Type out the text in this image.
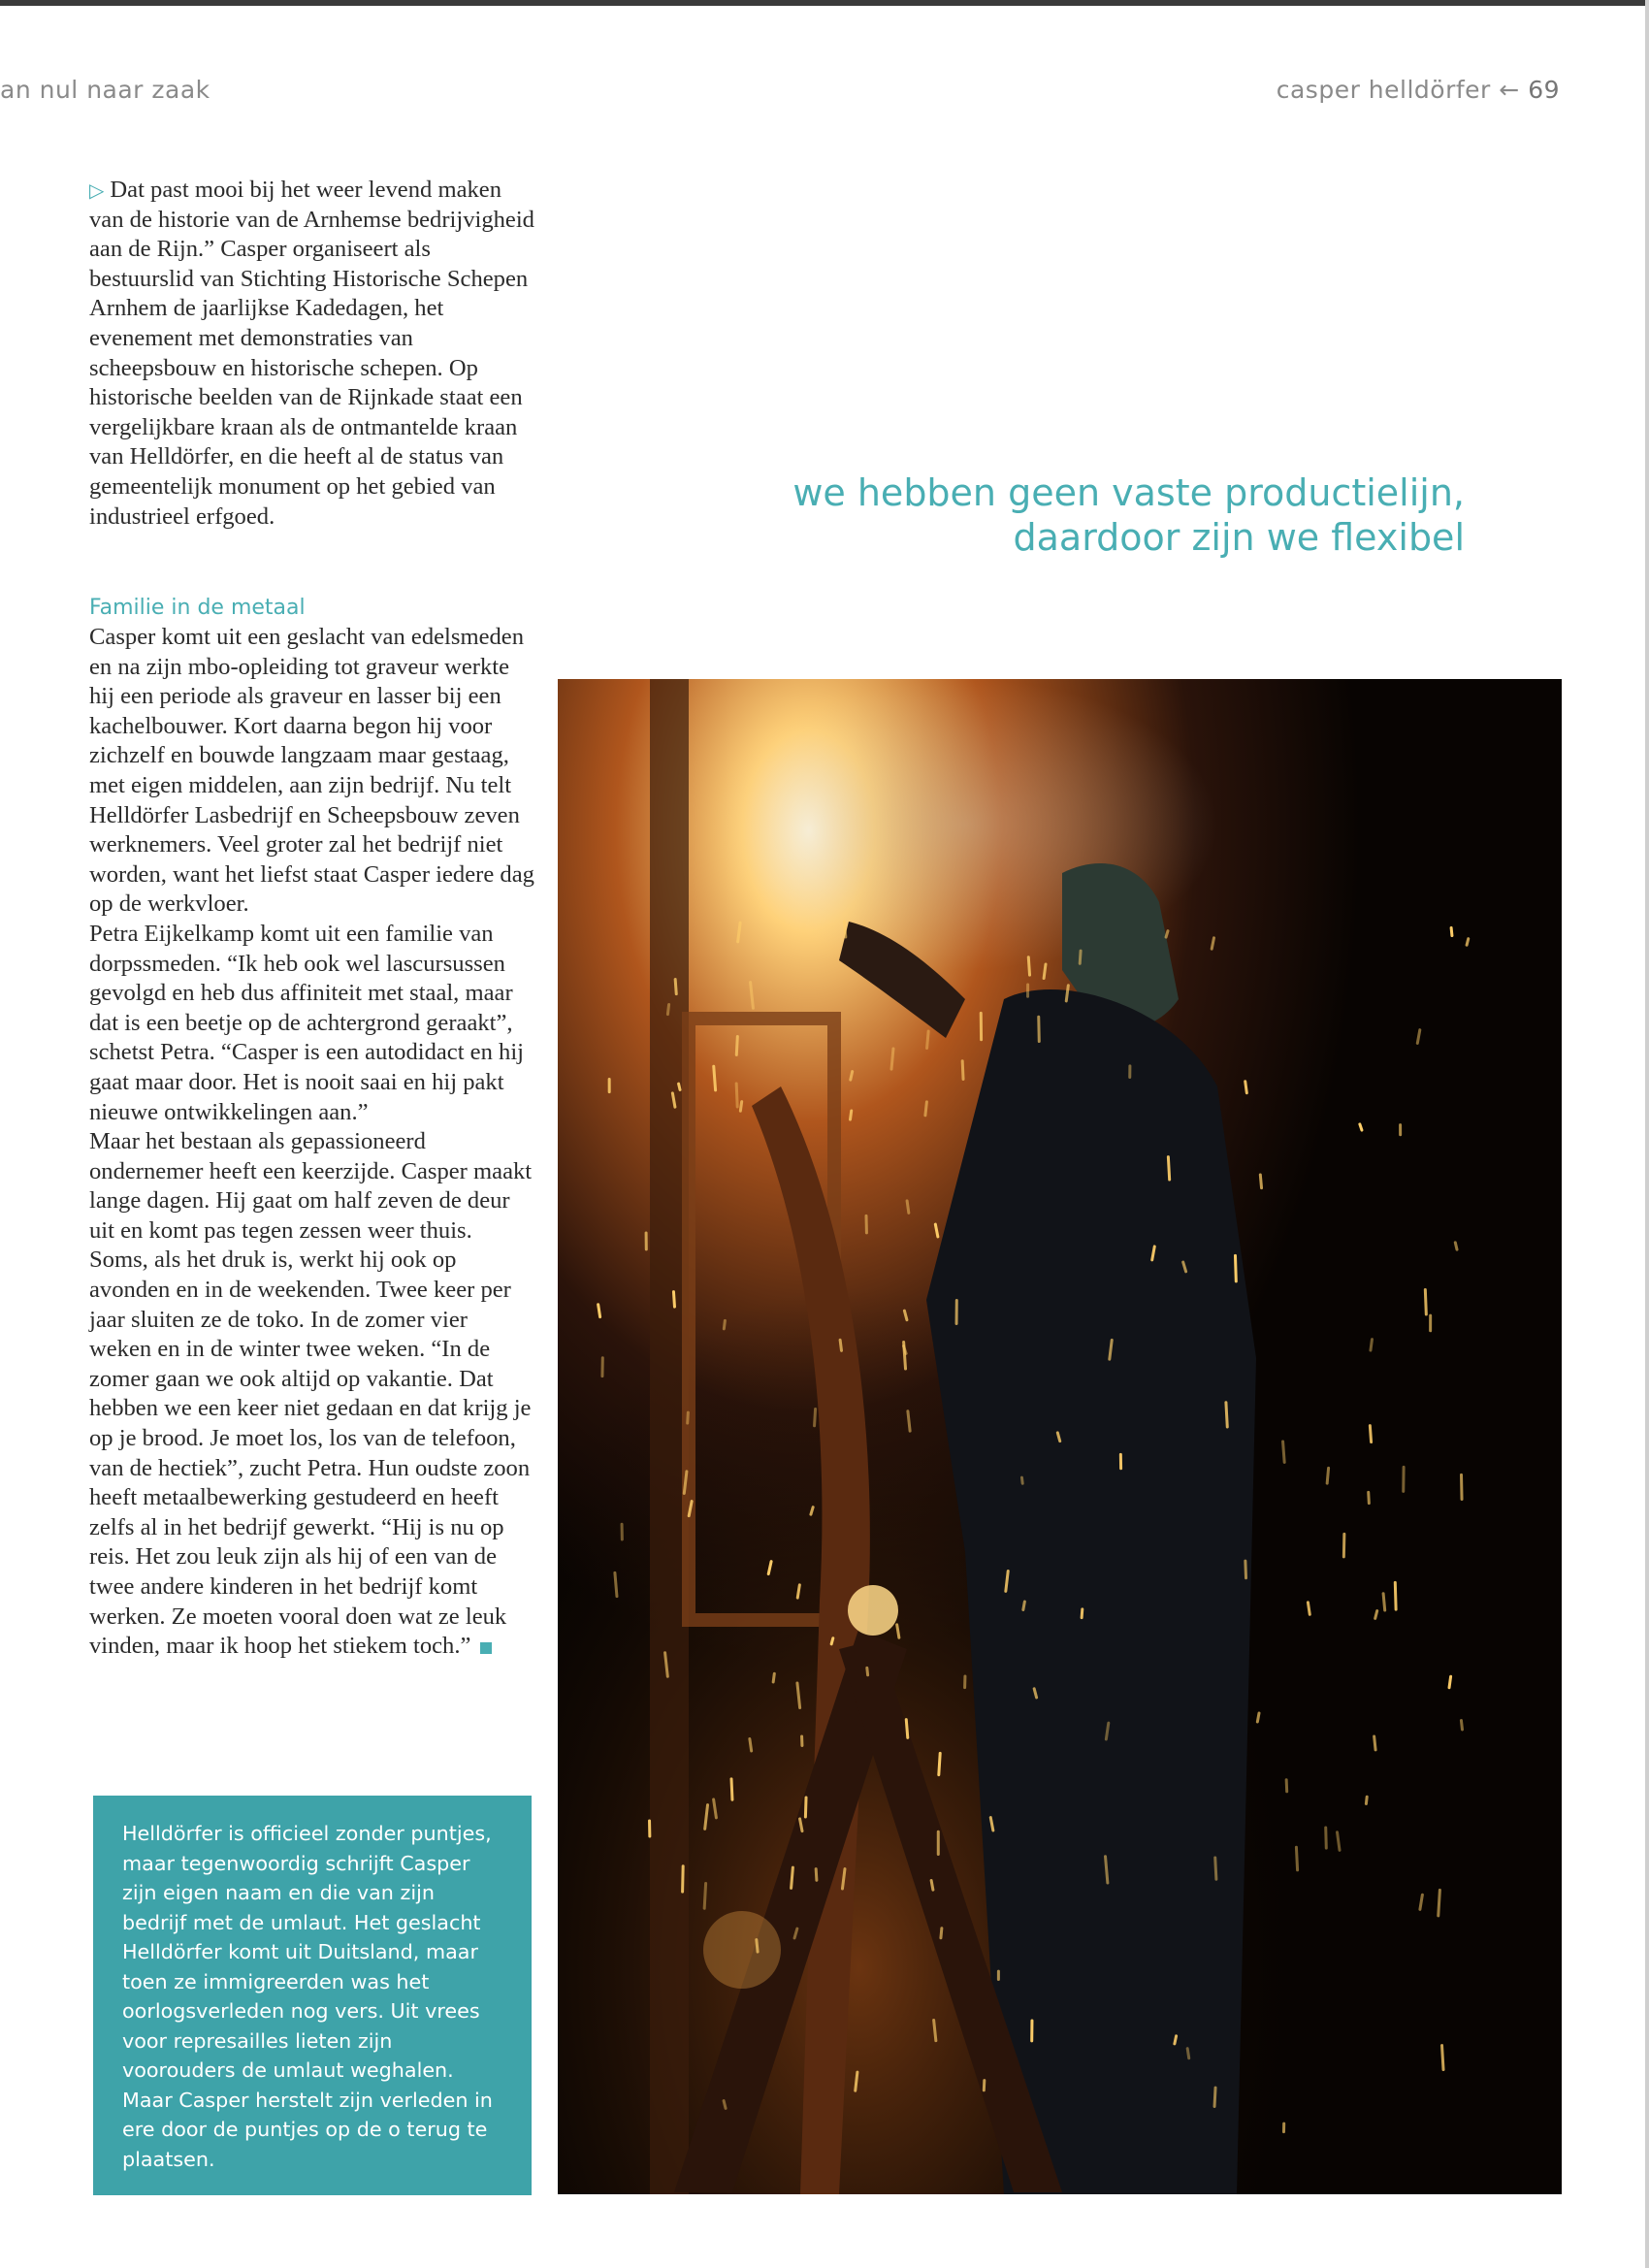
an nul naar zaak	casper helldörfer ← 69

▷ Dat past mooi bij het weer levend maken van de historie van de Arnhemse bedrijvigheid aan de Rijn.” Casper organiseert als bestuurslid van Stichting Historische Schepen Arnhem de jaarlijkse Kadedagen, het evenement met demonstraties van scheepsbouw en historische schepen. Op historische beelden van de Rijnkade staat een vergelijkbare kraan als de ontmantelde kraan van Helldörfer, en die heeft al de status van gemeentelijk monument op het gebied van industrieel erfgoed.

Familie in de metaal

Casper komt uit een geslacht van edelsmeden en na zijn mbo-opleiding tot graveur werkte hij een periode als graveur en lasser bij een kachelbouwer. Kort daarna begon hij voor zichzelf en bouwde langzaam maar gestaag, met eigen middelen, aan zijn bedrijf. Nu telt Helldörfer Lasbedrijf en Scheepsbouw zeven werknemers. Veel groter zal het bedrijf niet worden, want het liefst staat Casper iedere dag op de werkvloer.

Petra Eijkelkamp komt uit een familie van dorpssmeden. “Ik heb ook wel lascursussen gevolgd en heb dus affiniteit met staal, maar dat is een beetje op de achtergrond geraakt”, schetst Petra. “Casper is een autodidact en hij gaat maar door. Het is nooit saai en hij pakt nieuwe ontwikkelingen aan.”

Maar het bestaan als gepassioneerd ondernemer heeft een keerzijde. Casper maakt lange dagen. Hij gaat om half zeven de deur uit en komt pas tegen zessen weer thuis. Soms, als het druk is, werkt hij ook op avonden en in de weekenden. Twee keer per jaar sluiten ze de toko. In de zomer vier weken en in de winter twee weken. “In de zomer gaan we ook altijd op vakantie. Dat hebben we een keer niet gedaan en dat krijg je op je brood. Je moet los, los van de telefoon, van de hectiek”, zucht Petra. Hun oudste zoon heeft metaalbewerking gestudeerd en heeft zelfs al in het bedrijf gewerkt. “Hij is nu op reis. Het zou leuk zijn als hij of een van de twee andere kinderen in het bedrijf komt werken. Ze moeten vooral doen wat ze leuk vinden, maar ik hoop het stiekem toch.”

we hebben geen vaste productielijn,
daardoor zijn we flexibel

Helldörfer is officieel zonder puntjes, maar tegenwoordig schrijft Casper zijn eigen naam en die van zijn bedrijf met de umlaut. Het geslacht Helldörfer komt uit Duitsland, maar toen ze immigreerden was het oorlogsverleden nog vers. Uit vrees voor represailles lieten zijn voorouders de umlaut weghalen. Maar Casper herstelt zijn verleden in ere door de puntjes op de o terug te plaatsen.
